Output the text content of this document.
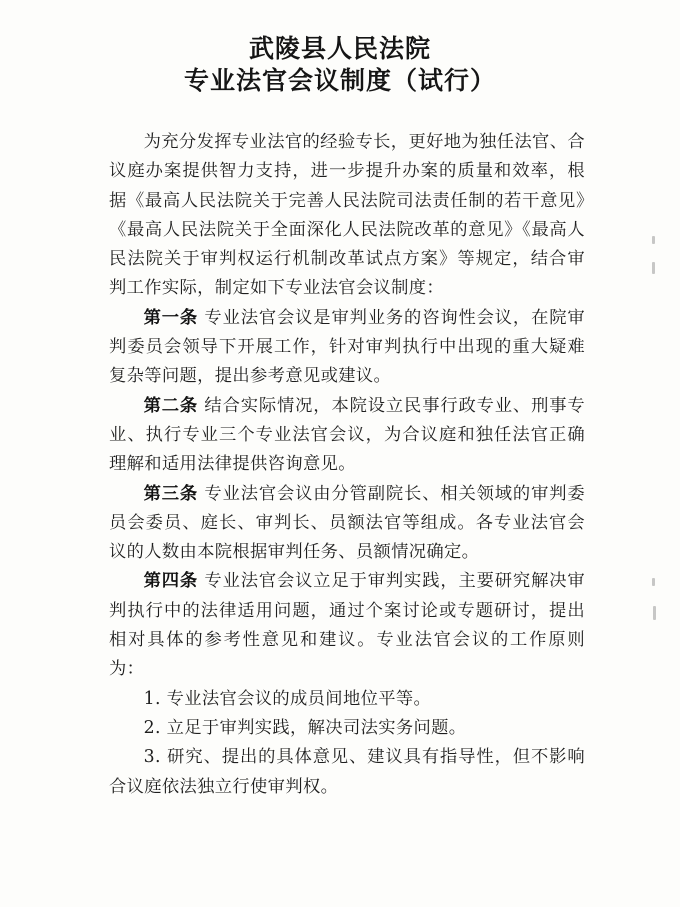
武陵县人民法院
专业法官会议制度（试行）

为充分发挥专业法官的经验专长，更好地为独任法官、合议庭办案提供智力支持，进一步提升办案的质量和效率，根据《最高人民法院关于完善人民法院司法责任制的若干意见》《最高人民法院关于全面深化人民法院改革的意见》《最高人民法院关于审判权运行机制改革试点方案》等规定，结合审判工作实际，制定如下专业法官会议制度：

第一条 专业法官会议是审判业务的咨询性会议，在院审判委员会领导下开展工作，针对审判执行中出现的重大疑难复杂等问题，提出参考意见或建议。

第二条 结合实际情况，本院设立民事行政专业、刑事专业、执行专业三个专业法官会议，为合议庭和独任法官正确理解和适用法律提供咨询意见。

第三条 专业法官会议由分管副院长、相关领域的审判委员会委员、庭长、审判长、员额法官等组成。各专业法官会议的人数由本院根据审判任务、员额情况确定。

第四条 专业法官会议立足于审判实践，主要研究解决审判执行中的法律适用问题，通过个案讨论或专题研讨，提出相对具体的参考性意见和建议。专业法官会议的工作原则为：

1. 专业法官会议的成员间地位平等。

2. 立足于审判实践，解决司法实务问题。

3. 研究、提出的具体意见、建议具有指导性，但不影响合议庭依法独立行使审判权。
